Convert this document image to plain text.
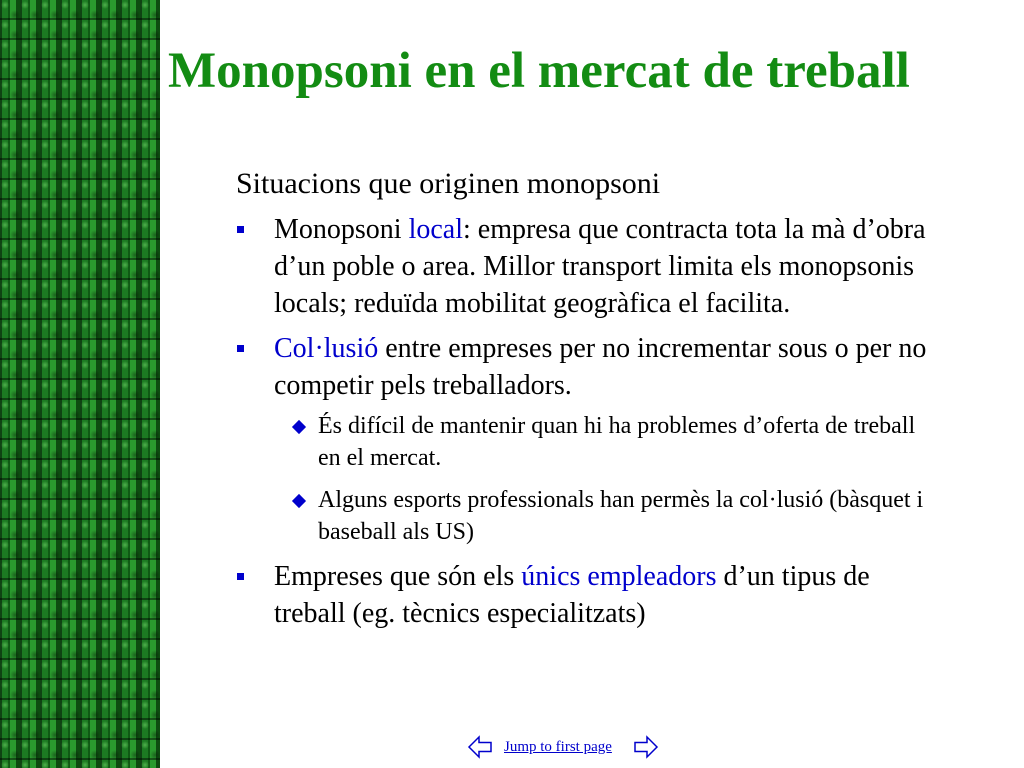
Monopsoni en el mercat de treball

Situacions que originen monopsoni

Monopsoni local: empresa que contracta tota la mà d’obra d’un poble o area. Millor transport limita els monopsonis locals; reduïda mobilitat geogràfica el facilita.
Col·lusió entre empreses per no incrementar sous o per no competir pels treballadors.
És difícil de mantenir quan hi ha problemes d’oferta de treball en el mercat.
Alguns esports professionals han permès la col·lusió (bàsquet i baseball als US)
Empreses que són els únics empleadors d’un tipus de treball (eg. tècnics especialitzats)
Jump to first page
